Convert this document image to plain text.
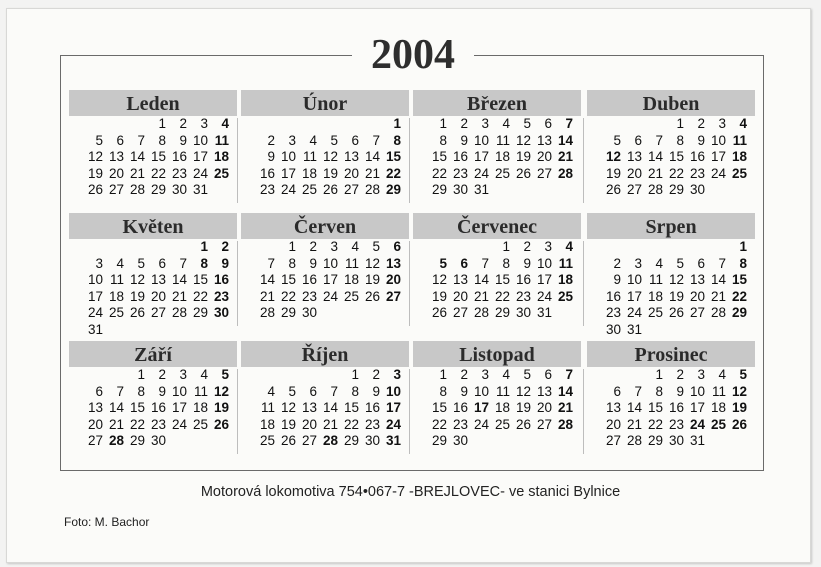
2004
Leden
1 2 3 4
5 6 7 8 9 10 11
12 13 14 15 16 17 18
19 20 21 22 23 24 25
26 27 28 29 30 31
Únor
1
2 3 4 5 6 7 8
9 10 11 12 13 14 15
16 17 18 19 20 21 22
23 24 25 26 27 28 29
Březen
1 2 3 4 5 6 7
8 9 10 11 12 13 14
15 16 17 18 19 20 21
22 23 24 25 26 27 28
29 30 31
Duben
1 2 3 4
5 6 7 8 9 10 11
12 13 14 15 16 17 18
19 20 21 22 23 24 25
26 27 28 29 30
Květen
1 2
3 4 5 6 7 8 9
10 11 12 13 14 15 16
17 18 19 20 21 22 23
24 25 26 27 28 29 30
31
Červen
1 2 3 4 5 6
7 8 9 10 11 12 13
14 15 16 17 18 19 20
21 22 23 24 25 26 27
28 29 30
Červenec
1 2 3 4
5 6 7 8 9 10 11
12 13 14 15 16 17 18
19 20 21 22 23 24 25
26 27 28 29 30 31
Srpen
1
2 3 4 5 6 7 8
9 10 11 12 13 14 15
16 17 18 19 20 21 22
23 24 25 26 27 28 29
30 31
Září
1 2 3 4 5
6 7 8 9 10 11 12
13 14 15 16 17 18 19
20 21 22 23 24 25 26
27 28 29 30
Říjen
1 2 3
4 5 6 7 8 9 10
11 12 13 14 15 16 17
18 19 20 21 22 23 24
25 26 27 28 29 30 31
Listopad
1 2 3 4 5 6 7
8 9 10 11 12 13 14
15 16 17 18 19 20 21
22 23 24 25 26 27 28
29 30
Prosinec
1 2 3 4 5
6 7 8 9 10 11 12
13 14 15 16 17 18 19
20 21 22 23 24 25 26
27 28 29 30 31
Motorová lokomotiva 754•067-7 -BREJLOVEC- ve stanici Bylnice
Foto: M. Bachor
